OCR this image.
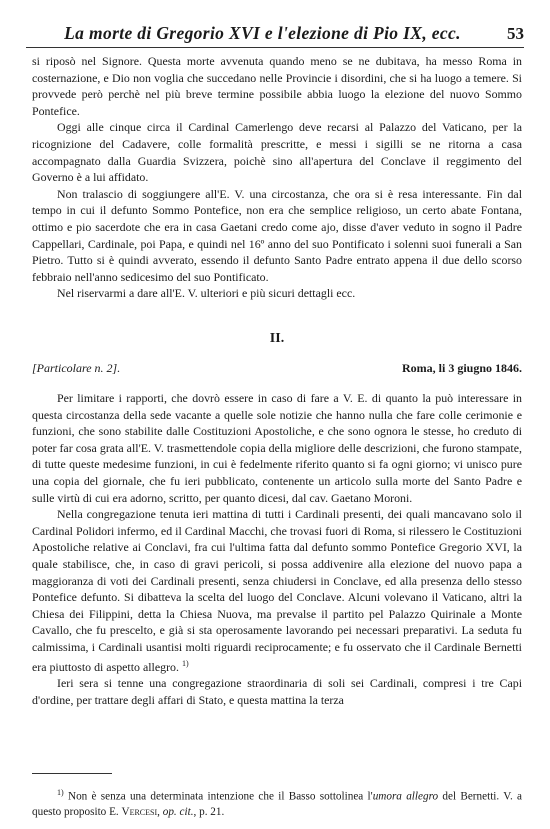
La morte di Gregorio XVI e l'elezione di Pio IX, ecc.	53

si riposò nel Signore. Questa morte avvenuta quando meno se ne dubitava, ha messo Roma in costernazione, e Dio non voglia che succedano nelle Provincie i disordini, che si ha luogo a temere. Si provvede però perchè nel più breve termine possibile abbia luogo la elezione del nuovo Sommo Pontefice.

Oggi alle cinque circa il Cardinal Camerlengo deve recarsi al Palazzo del Vaticano, per la ricognizione del Cadavere, colle formalità prescritte, e messi i sigilli se ne ritorna a casa accompagnato dalla Guardia Svizzera, poichè sino all'apertura del Conclave il reggimento del Governo è a lui affidato.

Non tralascio di soggiungere all'E. V. una circostanza, che ora si è resa interessante. Fin dal tempo in cui il defunto Sommo Pontefice, non era che semplice religioso, un certo abate Fontana, ottimo e pio sacerdote che era in casa Gaetani credo come ajo, disse d'aver veduto in sogno il Padre Cappellari, Cardinale, poi Papa, e quindi nel 16º anno del suo Pontificato i solenni suoi funerali a San Pietro. Tutto si è quindi avverato, essendo il defunto Santo Padre entrato appena il due dello scorso febbraio nell'anno sedicesimo del suo Pontificato.

Nel riservarmi a dare all'E. V. ulteriori e più sicuri dettagli ecc.

II.
[Particolare n. 2].	Roma, li 3 giugno 1846.

Per limitare i rapporti, che dovrò essere in caso di fare a V. E. di quanto la può interessare in questa circostanza della sede vacante a quelle sole notizie che hanno nulla che fare colle cerimonie e funzioni, che sono stabilite dalle Costituzioni Apostoliche, e che sono ognora le stesse, ho creduto di poter far cosa grata all'E. V. trasmettendole copia della migliore delle descrizioni, che furono stampate, di tutte queste medesime funzioni, in cui è fedelmente riferito quanto si fa ogni giorno; vi unisco pure una copia del giornale, che fu ieri pubblicato, contenente un articolo sulla morte del Santo Padre e sulle virtù di cui era adorno, scritto, per quanto dicesi, dal cav. Gaetano Moroni.

Nella congregazione tenuta ieri mattina di tutti i Cardinali presenti, dei quali mancavano solo il Cardinal Polidori infermo, ed il Cardinal Macchi, che trovasi fuori di Roma, si rilessero le Costituzioni Apostoliche relative ai Conclavi, fra cui l'ultima fatta dal defunto sommo Pontefice Gregorio XVI, la quale stabilisce, che, in caso di gravi pericoli, si possa addivenire alla elezione del nuovo papa a maggioranza di voti dei Cardinali presenti, senza chiudersi in Conclave, ed alla presenza dello stesso Pontefice defunto. Si dibatteva la scelta del luogo del Conclave. Alcuni volevano il Vaticano, altri la Chiesa dei Filippini, detta la Chiesa Nuova, ma prevalse il partito pel Palazzo Quirinale a Monte Cavallo, che fu prescelto, e già si sta operosamente lavorando pei necessari preparativi. La seduta fu calmissima, i Cardinali usantisi molti riguardi reciprocamente; e fu osservato che il Cardinale Bernetti era piuttosto di aspetto allegro. $^{1)}$

Ieri sera si tenne una congregazione straordinaria di soli sei Cardinali, compresi i tre Capi d'ordine, per trattare degli affari di Stato, e questa mattina la terza

$^{1)}$ Non è senza una determinata intenzione che il Basso sottolinea l'umora allegro del Bernetti. V. a questo proposito E. Vercesi, op. cit., p. 21.
